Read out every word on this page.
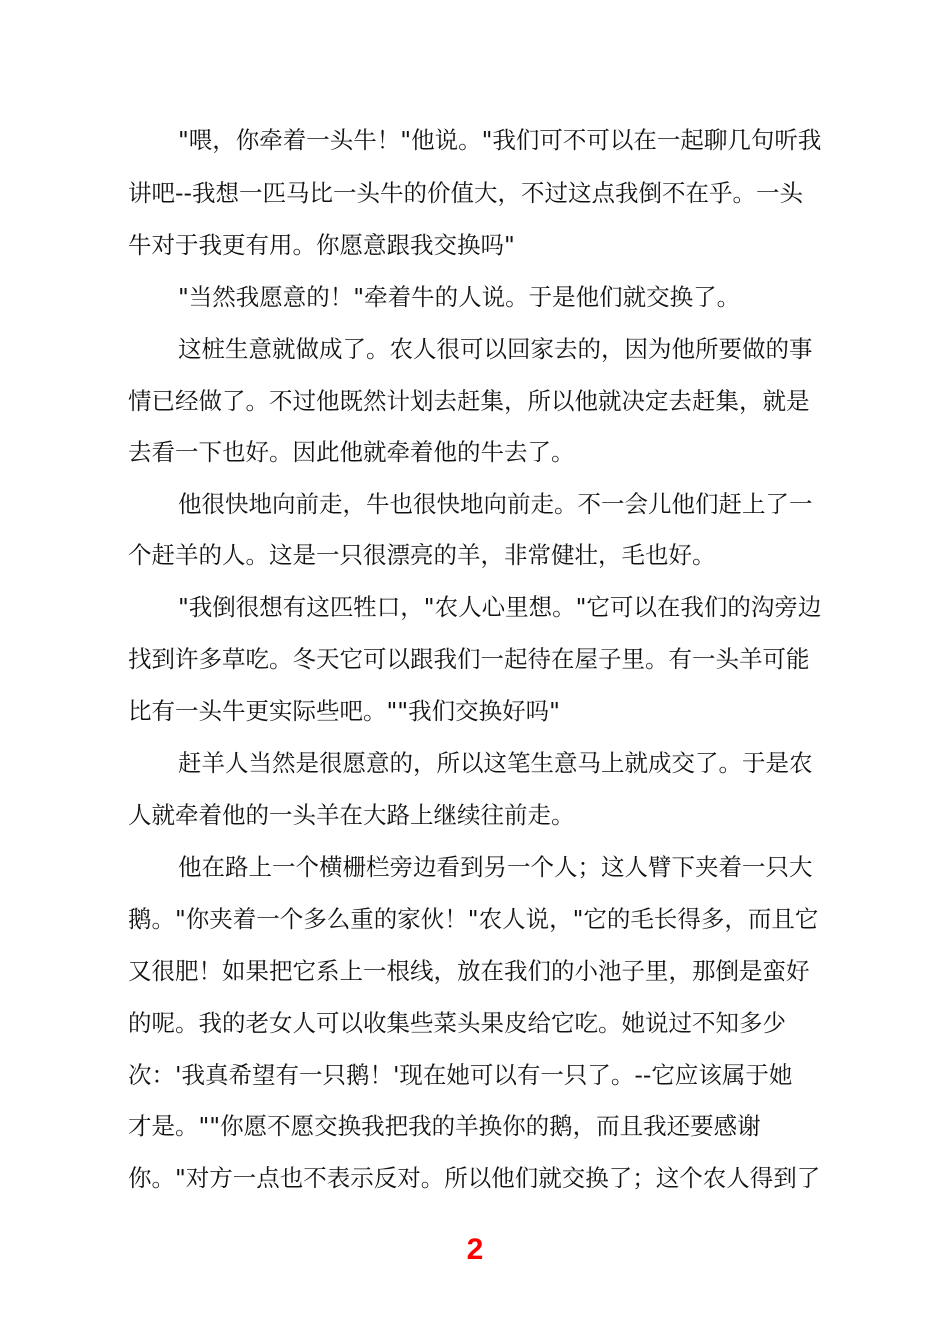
"喂，你牵着一头牛！"他说。"我们可不可以在一起聊几句听我
讲吧--我想一匹马比一头牛的价值大，不过这点我倒不在乎。一头
牛对于我更有用。你愿意跟我交换吗"
"当然我愿意的！"牵着牛的人说。于是他们就交换了。
这桩生意就做成了。农人很可以回家去的，因为他所要做的事
情已经做了。不过他既然计划去赶集，所以他就决定去赶集，就是
去看一下也好。因此他就牵着他的牛去了。
他很快地向前走，牛也很快地向前走。不一会儿他们赶上了一
个赶羊的人。这是一只很漂亮的羊，非常健壮，毛也好。
"我倒很想有这匹牲口，"农人心里想。"它可以在我们的沟旁边
找到许多草吃。冬天它可以跟我们一起待在屋子里。有一头羊可能
比有一头牛更实际些吧。""我们交换好吗"
赶羊人当然是很愿意的，所以这笔生意马上就成交了。于是农
人就牵着他的一头羊在大路上继续往前走。
他在路上一个横栅栏旁边看到另一个人；这人臂下夹着一只大
鹅。"你夹着一个多么重的家伙！"农人说，"它的毛长得多，而且它
又很肥！如果把它系上一根线，放在我们的小池子里，那倒是蛮好
的呢。我的老女人可以收集些菜头果皮给它吃。她说过不知多少
次：'我真希望有一只鹅！'现在她可以有一只了。--它应该属于她
才是。""你愿不愿交换我把我的羊换你的鹅，而且我还要感谢
你。"对方一点也不表示反对。所以他们就交换了；这个农人得到了
2
